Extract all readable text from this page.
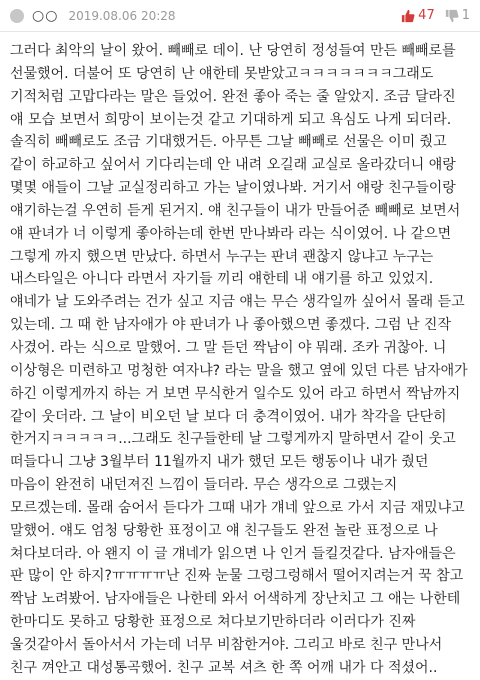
○○ 2019.08.06 20:28	47 1
그러다 최악의 날이 왔어. 빼빼로 데이. 난 당연히 정성들여 만든 빼빼로를 선물했어. 더불어 또 당연히 난 얘한테 못받았고ㅋㅋㅋㅋㅋㅋㅋ그래도 기적처럼 고맙다라는 말은 들었어. 완전 좋아 죽는 줄 알았지. 조금 달라진 얘 모습 보면서 희망이 보이는것 같고 기대하게 되고 욕심도 나게 되더라. 솔직히 빼빼로도 조금 기대했거든. 아무튼 그날 빼빼로 선물은 이미 줬고 같이 하교하고 싶어서 기다리는데 안 내려 오길래 교실로 올라갔더니 얘랑 몇몇 애들이 그날 교실정리하고 가는 날이였나봐. 거기서 얘랑 친구들이랑 얘기하는걸 우연히 듣게 된거지. 얘 친구들이 내가 만들어준 빼빼로 보면서 얘 판녀가 너 이렇게 좋아하는데 한번 만나봐라 라는 식이였어. 나 같으면 그렇게 까지 했으면 만났다. 하면서 누구는 판녀 괜찮지 않냐고 누구는 내스타일은 아니다 라면서 자기들 끼리 얘한테 내 얘기를 하고 있었지. 얘네가 날 도와주려는 건가 싶고 지금 얘는 무슨 생각일까 싶어서 몰래 듣고 있는데. 그 때 한 남자애가 야 판녀가 나 좋아했으면 좋겠다. 그럼 난 진작 사겼어. 라는 식으로 말했어. 그 말 듣던 짝남이 야 뭐래. 조카 귀찮아. 니 이상형은 미련하고 멍청한 여자냐? 라는 말을 했고 옆에 있던 다른 남자애가 하긴 이렇게까지 하는 거 보면 무식한거 일수도 있어 라고 하면서 짝남까지 같이 웃더라. 그 날이 비오던 날 보다 더 충격이였어. 내가 착각을 단단히 한거지ㅋㅋㅋㅋㅋ...그래도 친구들한테 날 그렇게까지 말하면서 같이 웃고 떠들다니 그냥 3월부터 11월까지 내가 했던 모든 행동이나 내가 줬던 마음이 완전히 내던져진 느낌이 들더라. 무슨 생각으로 그랬는지 모르겠는데. 몰래 숨어서 듣다가 그때 내가 걔네 앞으로 가서 지금 재밌냐고 말했어. 얘도 엄청 당황한 표정이고 얘 친구들도 완전 놀란 표정으로 나 쳐다보더라. 아 왠지 이 글 걔네가 읽으면 나 인거 들킬것같다. 남자애들은 판 많이 안 하지?ㅠㅠㅠㅠ난 진짜 눈물 그렁그렁해서 떨어지려는거 꾹 참고 짝남 노려봤어. 남자애들은 나한테 와서 어색하게 장난치고 그 애는 나한테 한마디도 못하고 당황한 표정으로 쳐다보기만하더라 이러다가 진짜 울것같아서 돌아서서 가는데 너무 비참한거야. 그리고 바로 친구 만나서 친구 껴안고 대성통곡했어. 친구 교복 셔츠 한 쪽 어깨 내가 다 적셨어..
